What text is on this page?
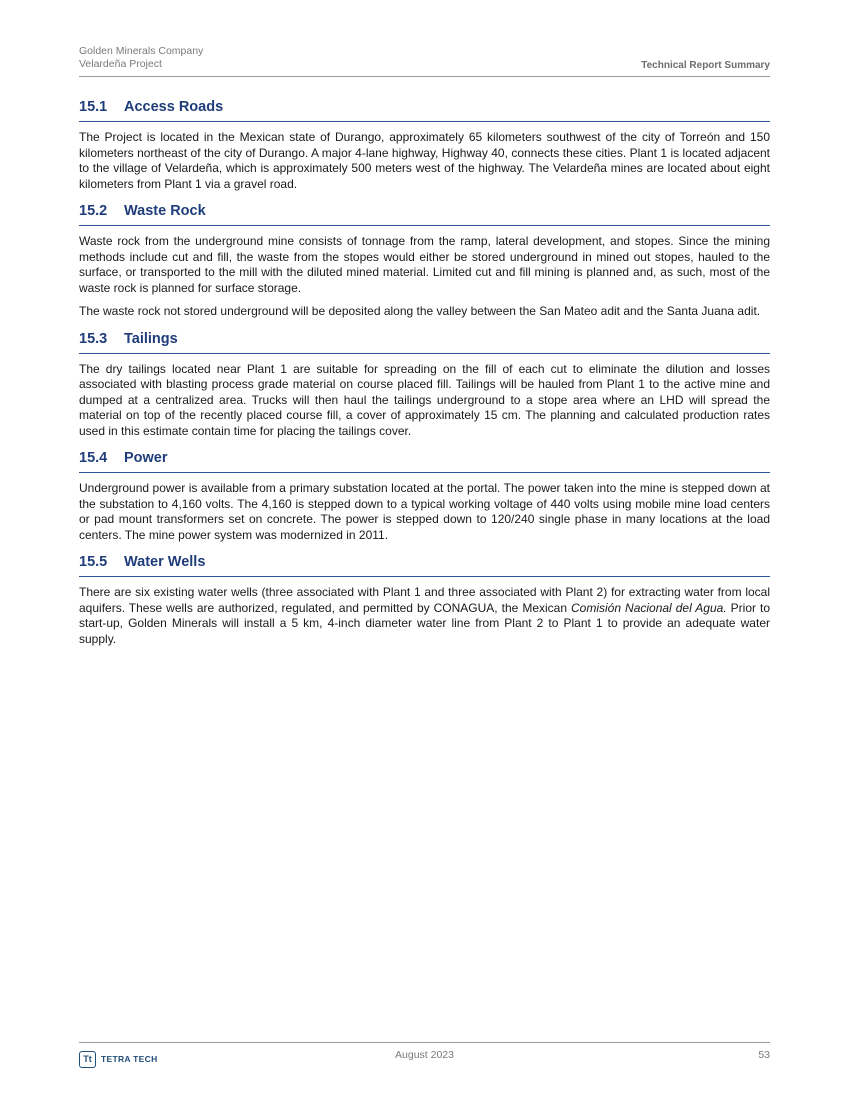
Golden Minerals Company
Velardeña Project	Technical Report Summary
15.1 Access Roads

The Project is located in the Mexican state of Durango, approximately 65 kilometers southwest of the city of Torreón and 150 kilometers northeast of the city of Durango. A major 4-lane highway, Highway 40, connects these cities. Plant 1 is located adjacent to the village of Velardeña, which is approximately 500 meters west of the highway. The Velardeña mines are located about eight kilometers from Plant 1 via a gravel road.

15.2 Waste Rock

Waste rock from the underground mine consists of tonnage from the ramp, lateral development, and stopes. Since the mining methods include cut and fill, the waste from the stopes would either be stored underground in mined out stopes, hauled to the surface, or transported to the mill with the diluted mined material. Limited cut and fill mining is planned and, as such, most of the waste rock is planned for surface storage.

The waste rock not stored underground will be deposited along the valley between the San Mateo adit and the Santa Juana adit.

15.3 Tailings

The dry tailings located near Plant 1 are suitable for spreading on the fill of each cut to eliminate the dilution and losses associated with blasting process grade material on course placed fill. Tailings will be hauled from Plant 1 to the active mine and dumped at a centralized area. Trucks will then haul the tailings underground to a stope area where an LHD will spread the material on top of the recently placed course fill, a cover of approximately 15 cm. The planning and calculated production rates used in this estimate contain time for placing the tailings cover.

15.4 Power

Underground power is available from a primary substation located at the portal. The power taken into the mine is stepped down at the substation to 4,160 volts. The 4,160 is stepped down to a typical working voltage of 440 volts using mobile mine load centers or pad mount transformers set on concrete. The power is stepped down to 120/240 single phase in many locations at the load centers. The mine power system was modernized in 2011.

15.5 Water Wells

There are six existing water wells (three associated with Plant 1 and three associated with Plant 2) for extracting water from local aquifers. These wells are authorized, regulated, and permitted by CONAGUA, the Mexican Comisión Nacional del Agua. Prior to start-up, Golden Minerals will install a 5 km, 4-inch diameter water line from Plant 2 to Plant 1 to provide an adequate water supply.

Tt	TETRA TECH	August 2023	53
